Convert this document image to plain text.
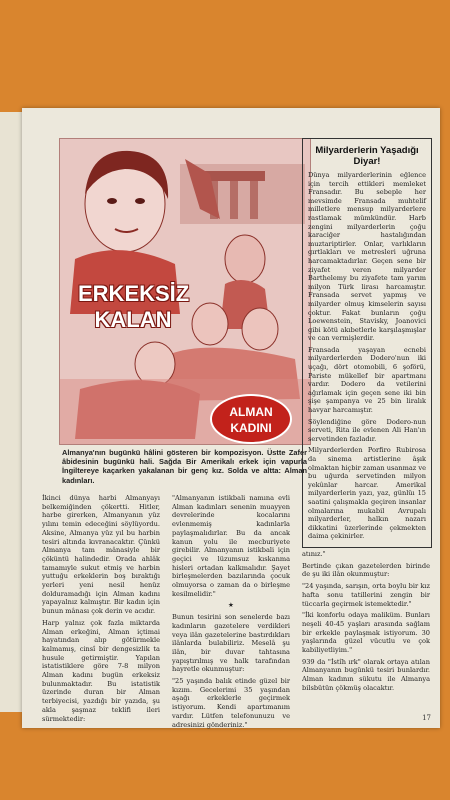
ERKEKSİZ KALAN
ALMAN KADINI
Almanya'nın bugünkü hâlini gösteren bir kompozisyon. Üstte Zafer âbidesinin bugünkü hali. Sağda Bir Amerikalı erkek için vapurla İngiltereye kaçarken yakalanan bir genç kız. Solda ve altta: Alman kadınları.
Milyarderlerin Yaşadığı Diyar!

Dünya milyarderlerinin eğlence için tercih ettikleri memleket Fransadır. Bu sebeple her mevsimde Fransada muhtelif milletlere mensup milyarderlere rastlamak mümkündür. Harb zengini milyarderlerin çoğu karaciğer hastalığından muztariptirler. Onlar, varlıkların gırtlakları ve metresleri uğruna harcamaktadırlar. Geçen sene bir ziyafet veren milyarder Barthelemy bu ziyafete tam yarım milyon Türk lirası harcamıştır. Fransada servet yapmış ve milyarder olmuş kimselerin sayısı çoktur. Fakat bunların çoğu Loewenstein, Stavisky, Joanovici gibi kötü akıbetlerle karşılaşmışlar ve can vermişlerdir.

Fransada yaşayan ecnebi milyarderlerden Dodero'nun iki uçağı, dört otomobili, 6 şoförü, Pariste mükellef bir apartmanı vardır. Dodero da vetilerini ağırlamak için geçen sene iki bin şişe şampanya ve 25 bin liralık havyar harcamıştır.

Söylendiğine göre Dodero-nun serveti, Rita ile evlenen Ali Han'ın servetinden fazladır.

Milyarderlerden Porfiro Rubirosa da sinema artistlerine âşık olmaktan hiçbir zaman usanmaz ve bu uğurda servetinden milyon yekûnlar harcar. Amerikal milyarderlerin yazı, yaz, günlüı 15 saatini çalışmakla geçiren insanlar olmalarına mukabil Avrupalı milyarderler, halkın nazarı dikkatini üzerlerinde çekmekten daima çekinirler.

İkinci dünya harbi Almanyayı belkemiğinden çökertti. Hitler, harbe girerken, Almanyanın yüz yılını temin edeceğini söylüyordu. Aksine, Almanya yüz yıl bu harbin tesiri altında kıvranacaktır. Çünkü Almanya tam mânasiyle bir çöküntü halindedir. Orada ahlâk tamamıyle sukut etmiş ve harbin yuttuğu erkeklerin boş bıraktığı yerleri yeni nesil henüz dolduramadığı için Alman kadını yapayalnız kalmıştır. Bir kadın için bunun mânası çok derin ve acıdır.

Harp yalnız çok fazla miktarda Alman erkeğini, Alman içtimai hayatından alıp götürmekle kalmamış, cinsî bir dengesizlik ta husule getirmiştir. Yapılan istatistiklere göre 7-8 milyon Alman kadını bugün erkeksiz bulunmaktadır. Bu istatistik üzerinde duran bir Alman terbiyecisi, yazdığı bir yazıda, şu akla şaşmaz teklifi ileri sürmektedir:

"Almanyanın istikbali namına evli Alman kadınları senenin muayyen devrelerinde kocalarını evlenmemiş kadınlarla paylaşmalıdırlar. Bu da ancak kanun yolu ile mecburiyete girebilir. Almanyanın istikbali için geçici ve lüzumsuz kıskanma hisleri ortadan kalkmalıdır. Şayet birleşmelerden bazılarında çocuk olmuyorsa o zaman da o birleşme kesilmelidir."

★

Bunun tesirini son senelerde bazı kadınların gazetelere verdikleri veya ilân gazetelerine bastırdıkları ilânlarda bulabiliriz. Meselâ şu ilân, bir duvar tahtasına yapıştırılmış ve halk tarafından hayretle okunmuştur:

"25 yaşında balık etinde güzel bir kızım. Gecelerimi 35 yaşından aşağı erkeklerle geçirmek istiyorum. Kendi apartımanım vardır. Lütfen telefonunuzu ve adresinizi gönderiniz."

atınız."

Bertinde çıkan gazetelerden birinde de şu iki ilân okunmuştur:

"24 yaşında, sarışın, orta boylu bir kız hafta sonu tatillerini zengin bir tüccarla geçirmek istemektedir."

"İki konforlu odaya maliküm. Bunları neşeli 40-45 yaşları arasında sağlam bir erkekle paylaşmak istiyorum. 30 yaşlarında güzel vücutlu ve çok kabiliyetliyim."

939 da "İstîh ırk" olarak ortaya atılan Almanyanın bugünkü tesiri bunlardır. Alman kadının sükutu ile Almanya bilsbütün çökmüş olacaktır.

17
